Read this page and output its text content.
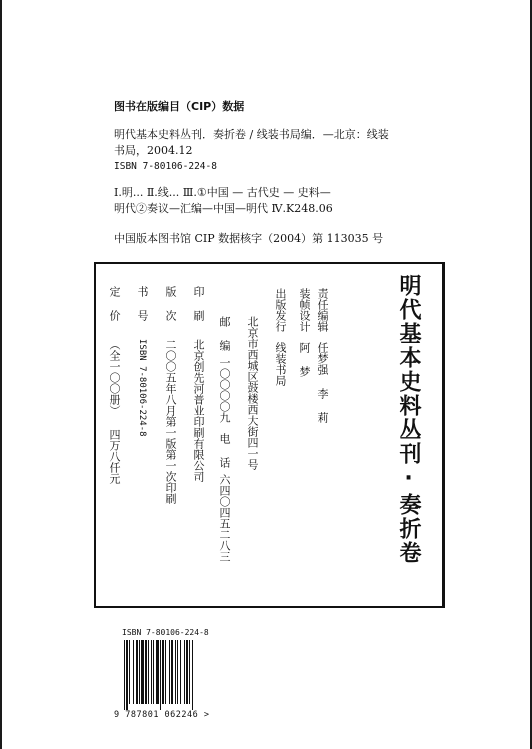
图书在版编目（CIP）数据
明代基本史料丛刊．奏折卷 / 线装书局编．—北京：线装
书局，2004.12
ISBN 7-80106-224-8
Ⅰ.明... Ⅱ.线... Ⅲ.①中国 — 古代史 — 史料—
明代②奏议—汇编—中国—明代 Ⅳ.K248.06
中国版本图书馆 CIP 数据核字（2004）第 113035 号
明代基本史料丛刊·奏折卷
责任编辑任梦强 李 莉
装帧设计阿 梦
出版发行线装书局
北京市西城区鼓楼西大街四一号
邮 编一〇〇〇〇九电 话六四〇四五二八三
印 刷北京创先河普业印刷有限公司
版 次二〇〇五年八月第一版第一次印刷
书 号ISBN 7-80106-224-8
定 价（全一〇〇册） 四万八仟元
ISBN 7-80106-224-8
9 787801 062246 >
